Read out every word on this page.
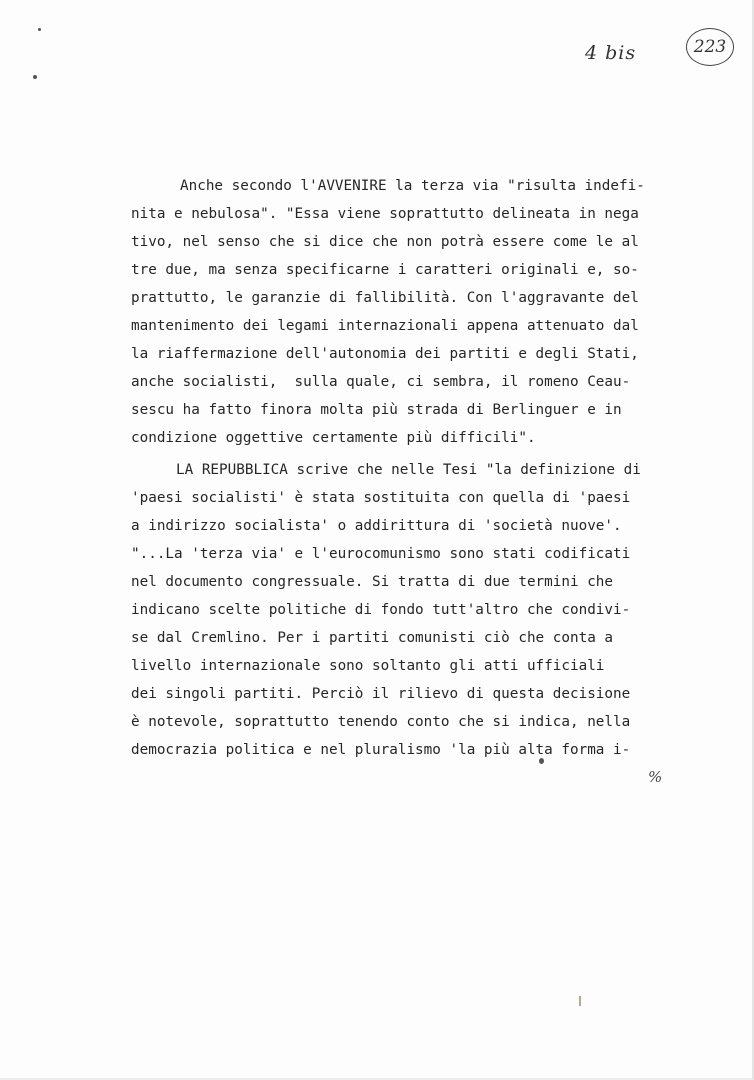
4 bis	223
Anche secondo l'AVVENIRE la terza via "risulta indefi-
nita e nebulosa". "Essa viene soprattutto delineata in nega
tivo, nel senso che si dice che non potrà essere come le al
tre due, ma senza specificarne i caratteri originali e, so-
prattutto, le garanzie di fallibilità. Con l'aggravante del
mantenimento dei legami internazionali appena attenuato dal
la riaffermazione dell'autonomia dei partiti e degli Stati,
anche socialisti,  sulla quale, ci sembra, il romeno Ceau-
sescu ha fatto finora molta più strada di Berlinguer e in
condizione oggettive certamente più difficili".
LA REPUBBLICA scrive che nelle Tesi "la definizione di
'paesi socialisti' è stata sostituita con quella di 'paesi
a indirizzo socialista' o addirittura di 'società nuove'.
"...La 'terza via' e l'eurocomunismo sono stati codificati
nel documento congressuale. Si tratta di due termini che
indicano scelte politiche di fondo tutt'altro che condivi-
se dal Cremlino. Per i partiti comunisti ciò che conta a
livello internazionale sono soltanto gli atti ufficiali
dei singoli partiti. Perciò il rilievo di questa decisione
è notevole, soprattutto tenendo conto che si indica, nella
democrazia politica e nel pluralismo 'la più alta forma i-
%
